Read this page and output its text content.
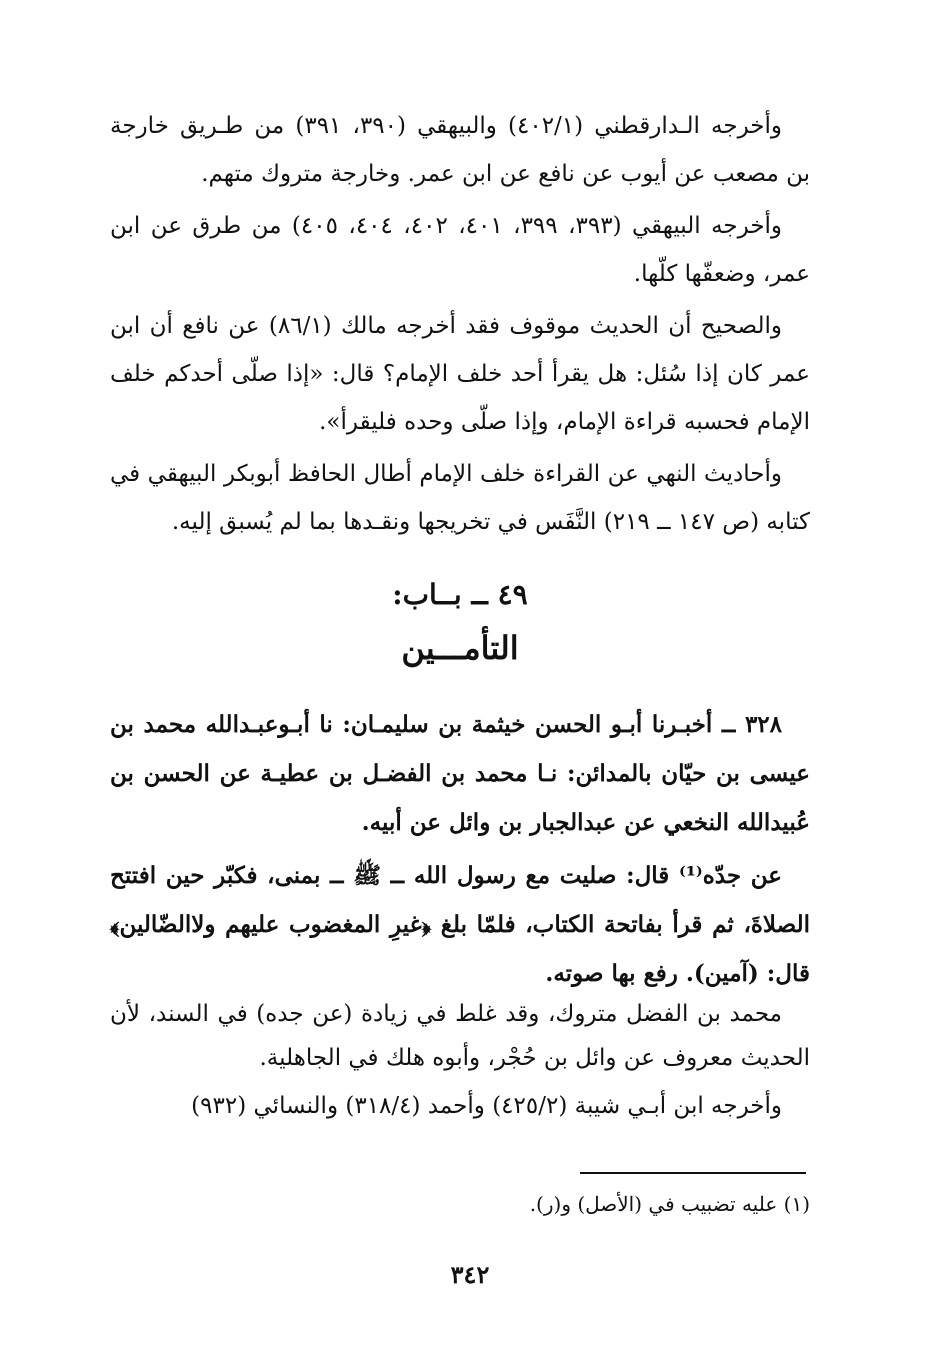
وأخرجه الـدارقطني (٤٠٢/١) والبيهقي (٣٩٠، ٣٩١) من طـريق خارجة بن مصعب عن أيوب عن نافع عن ابن عمر. وخارجة متروك متهم.

وأخرجه البيهقي (٣٩٣، ٣٩٩، ٤٠١، ٤٠٢، ٤٠٤، ٤٠٥) من طرق عن ابن عمر، وضعفّها كلّها.

والصحيح أن الحديث موقوف فقد أخرجه مالك (٨٦/١) عن نافع أن ابن عمر كان إذا سُئل: هل يقرأ أحد خلف الإمام؟ قال: «إذا صلّى أحدكم خلف الإمام فحسبه قراءة الإمام، وإذا صلّى وحده فليقرأ».

وأحاديث النهي عن القراءة خلف الإمام أطال الحافظ أبوبكر البيهقي في كتابه (ص ١٤٧ ــ ٢١٩) النَّفَس في تخريجها ونقـدها بما لم يُسبق إليه.

٤٩ ــ بــاب:
التأمـــين

٣٢٨ ــ أخبـرنا أبـو الحسن خيثمة بن سليمـان: نا أبـوعبـدالله محمد بن عيسى بن حيّان بالمدائن: نـا محمد بن الفضـل بن عطيـة عن الحسن بن عُبيدالله النخعي عن عبدالجبار بن وائل عن أبيه.

عن جدّه⁽¹⁾ قال: صليت مع رسول الله ــ ﷺ ــ بمنى، فكبّر حين افتتح الصلاةَ، ثم قرأ بفاتحة الكتاب، فلمّا بلغ ﴿غيرِ المغضوب عليهم ولاالضّالين﴾ قال: (آمين). رفع بها صوته.

محمد بن الفضل متروك، وقد غلط في زيادة (عن جده) في السند، لأن الحديث معروف عن وائل بن حُجْر، وأبوه هلك في الجاهلية.

وأخرجه ابن أبـي شيبة (٤٢٥/٢) وأحمد (٣١٨/٤) والنسائي (٩٣٢)

(١) عليه تضبيب في (الأصل) و(ر).
٣٤٢
